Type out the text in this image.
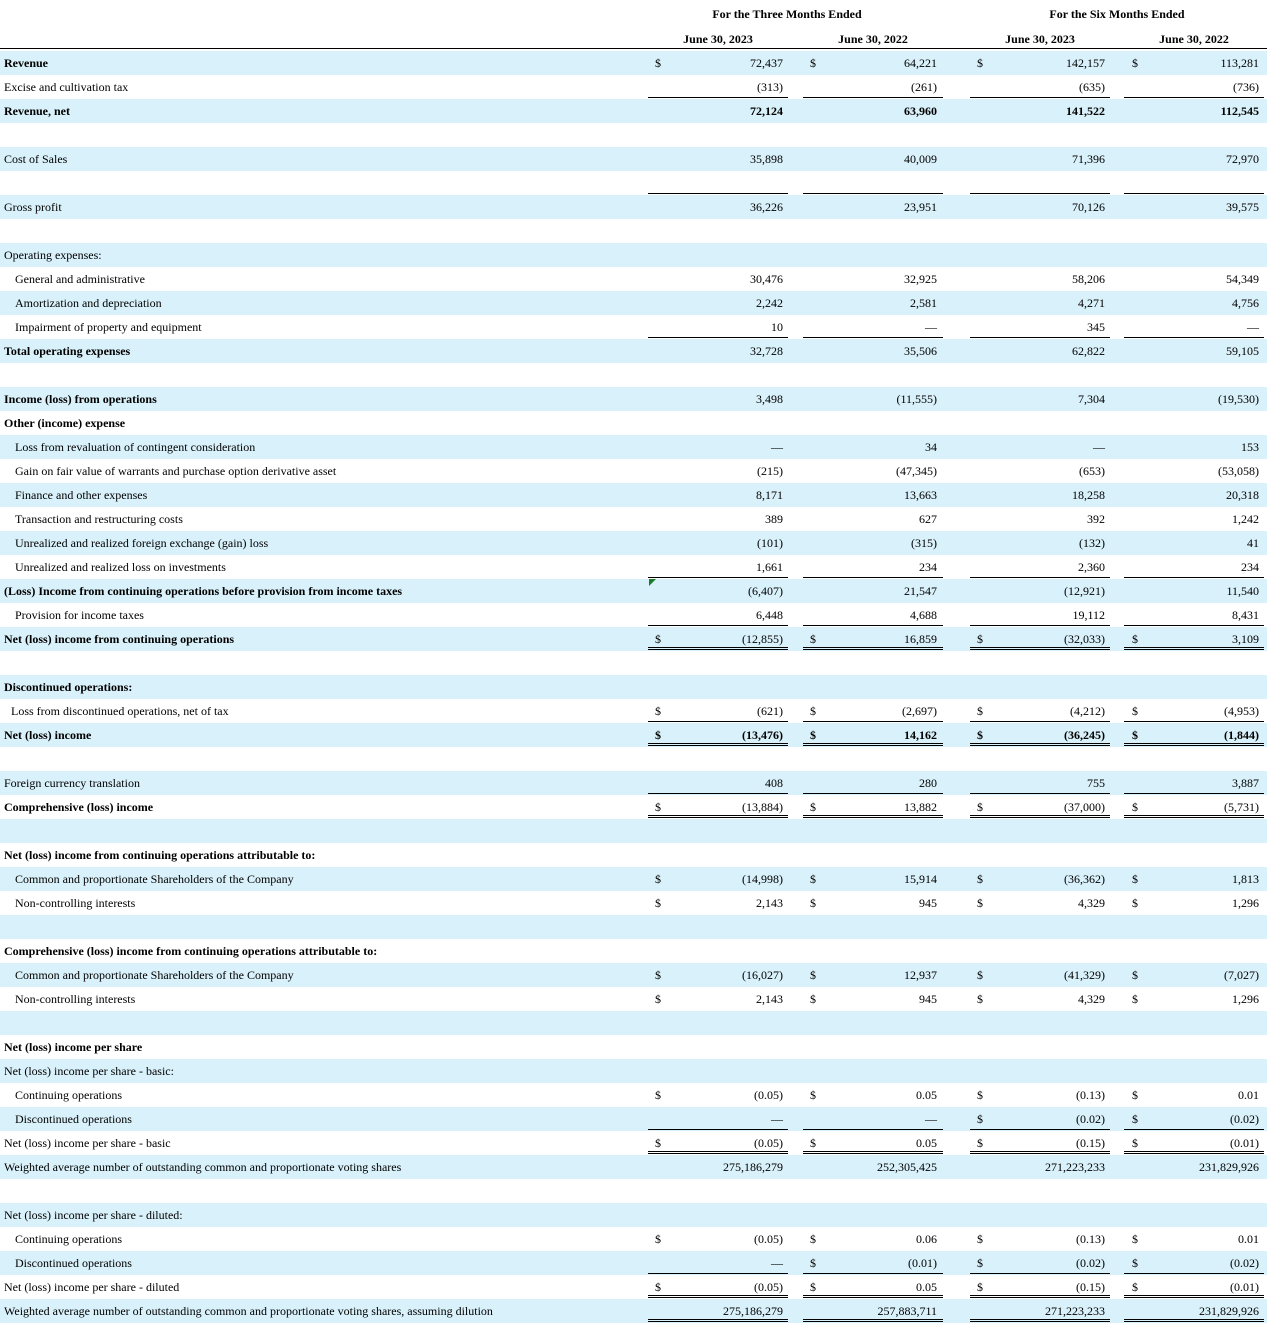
For the Three Months Ended	For the Six Months Ended
June 30, 2023	June 30, 2022	June 30, 2023	June 30, 2022
Revenue	$	72,437 $	64,221	$	142,157 $	113,281
Excise and cultivation tax	(313)	(261)	(635)	(736)
Revenue, net	72,124	63,960	141,522	112,545
Cost of Sales	35,898	40,009	71,396	72,970
Gross profit	36,226	23,951	70,126	39,575
Operating expenses:
General and administrative	30,476	32,925	58,206	54,349
Amortization and depreciation	2,242	2,581	4,271	4,756
Impairment of property and equipment	10	—	345	—
Total operating expenses	32,728	35,506	62,822	59,105
Income (loss) from operations	3,498	(11,555)	7,304	(19,530)
Other (income) expense
Loss from revaluation of contingent consideration	—	34	—	153
Gain on fair value of warrants and purchase option derivative asset	(215)	(47,345)	(653)	(53,058)
Finance and other expenses	8,171	13,663	18,258	20,318
Transaction and restructuring costs	389	627	392	1,242
Unrealized and realized foreign exchange (gain) loss	(101)	(315)	(132)	41
Unrealized and realized loss on investments	1,661	234	2,360	234
(Loss) Income from continuing operations before provision from income taxes	(6,407)	21,547	(12,921)	11,540
Provision for income taxes	6,448	4,688	19,112	8,431
Net (loss) income from continuing operations	$	(12,855) $	16,859	$	(32,033) $	3,109
Discontinued operations:
Loss from discontinued operations, net of tax	$	(621) $	(2,697)	$	(4,212) $	(4,953)
Net (loss) income	$	(13,476) $	14,162	$	(36,245) $	(1,844)
Foreign currency translation	408	280	755	3,887
Comprehensive (loss) income	$	(13,884) $	13,882	$	(37,000) $	(5,731)
Net (loss) income from continuing operations attributable to:
Common and proportionate Shareholders of the Company	$	(14,998) $	15,914	$	(36,362) $	1,813
Non-controlling interests	$	2,143 $	945	$	4,329 $	1,296
Comprehensive (loss) income from continuing operations attributable to:
Common and proportionate Shareholders of the Company	$	(16,027) $	12,937	$	(41,329) $	(7,027)
Non-controlling interests	$	2,143 $	945	$	4,329 $	1,296
Net (loss) income per share
Net (loss) income per share - basic:
Continuing operations	$	(0.05) $	0.05	$	(0.13) $	0.01
Discontinued operations	—	—	$	(0.02) $	(0.02)
Net (loss) income per share - basic	$	(0.05) $	0.05	$	(0.15) $	(0.01)
Weighted average number of outstanding common and proportionate voting shares	275,186,279	252,305,425	271,223,233	231,829,926
Net (loss) income per share - diluted:
Continuing operations	$	(0.05) $	0.06	$	(0.13) $	0.01
Discontinued operations	— $	(0.01)	$	(0.02) $	(0.02)
Net (loss) income per share - diluted	$	(0.05) $	0.05	$	(0.15) $	(0.01)
Weighted average number of outstanding common and proportionate voting shares, assuming dilution	275,186,279	257,883,711	271,223,233	231,829,926
